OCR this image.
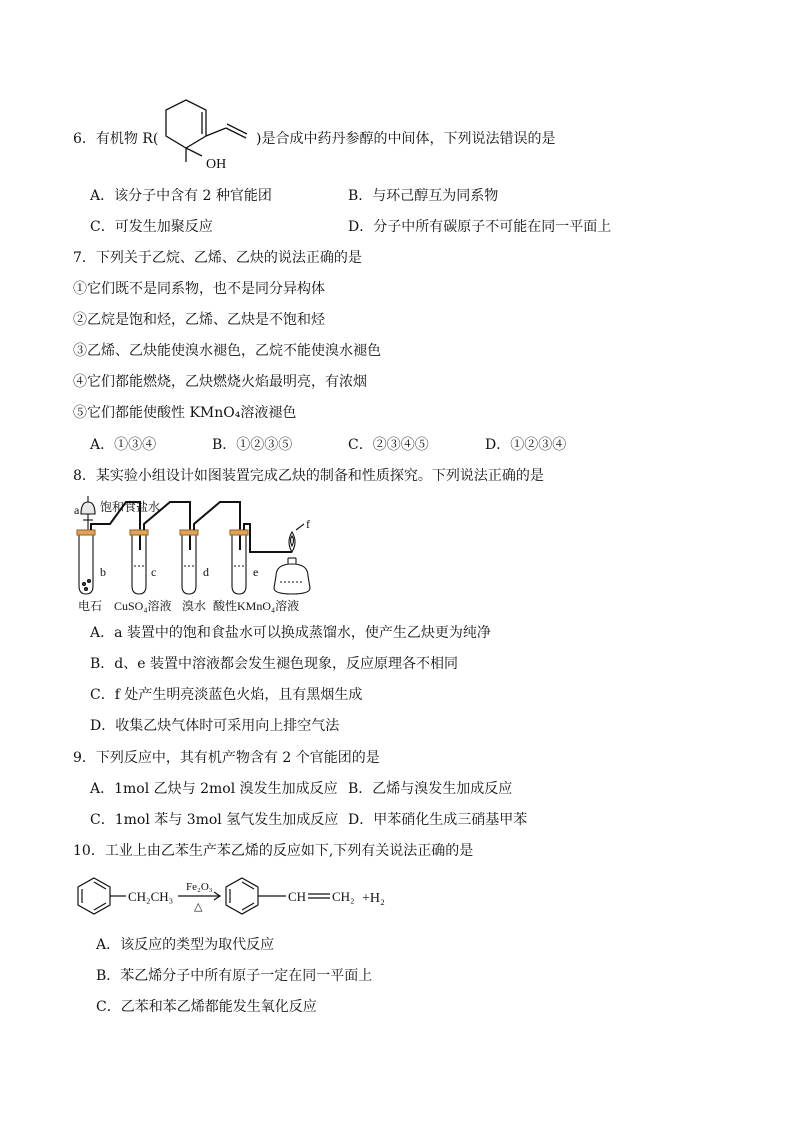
6．有机物 R(
OH
)是合成中药丹参醇的中间体，下列说法错误的是
A．该分子中含有 2 种官能团	B．与环己醇互为同系物
C．可发生加聚反应	D．分子中所有碳原子不可能在同一平面上
7．下列关于乙烷、乙烯、乙炔的说法正确的是
①它们既不是同系物，也不是同分异构体
②乙烷是饱和烃，乙烯、乙炔是不饱和烃
③乙烯、乙炔能使溴水褪色，乙烷不能使溴水褪色
④它们都能燃烧，乙炔燃烧火焰最明亮，有浓烟
⑤它们都能使酸性 KMnO₄溶液褪色
A．①③④	B．①②③⑤	C．②③④⑤	D．①②③④
8．某实验小组设计如图装置完成乙炔的制备和性质探究。下列说法正确的是
a 饱和食盐水
b	c	d	e
f
电石 CuSO₄溶液 溴水 酸性KMnO₄溶液
A．a 装置中的饱和食盐水可以换成蒸馏水，使产生乙炔更为纯净
B．d、e 装置中溶液都会发生褪色现象，反应原理各不相同
C．f 处产生明亮淡蓝色火焰，且有黑烟生成
D．收集乙炔气体时可采用向上排空气法
9．下列反应中，其有机产物含有 2 个官能团的是
A．1mol 乙炔与 2mol 溴发生加成反应 B．乙烯与溴发生加成反应
C．1mol 苯与 3mol 氢气发生加成反应 D．甲苯硝化生成三硝基甲苯
10．工业上由乙苯生产苯乙烯的反应如下,下列有关说法正确的是
CH₂CH₃
Fe₂O₃
△
CH CH₂ +H₂
A．该反应的类型为取代反应
B．苯乙烯分子中所有原子一定在同一平面上
C．乙苯和苯乙烯都能发生氧化反应
